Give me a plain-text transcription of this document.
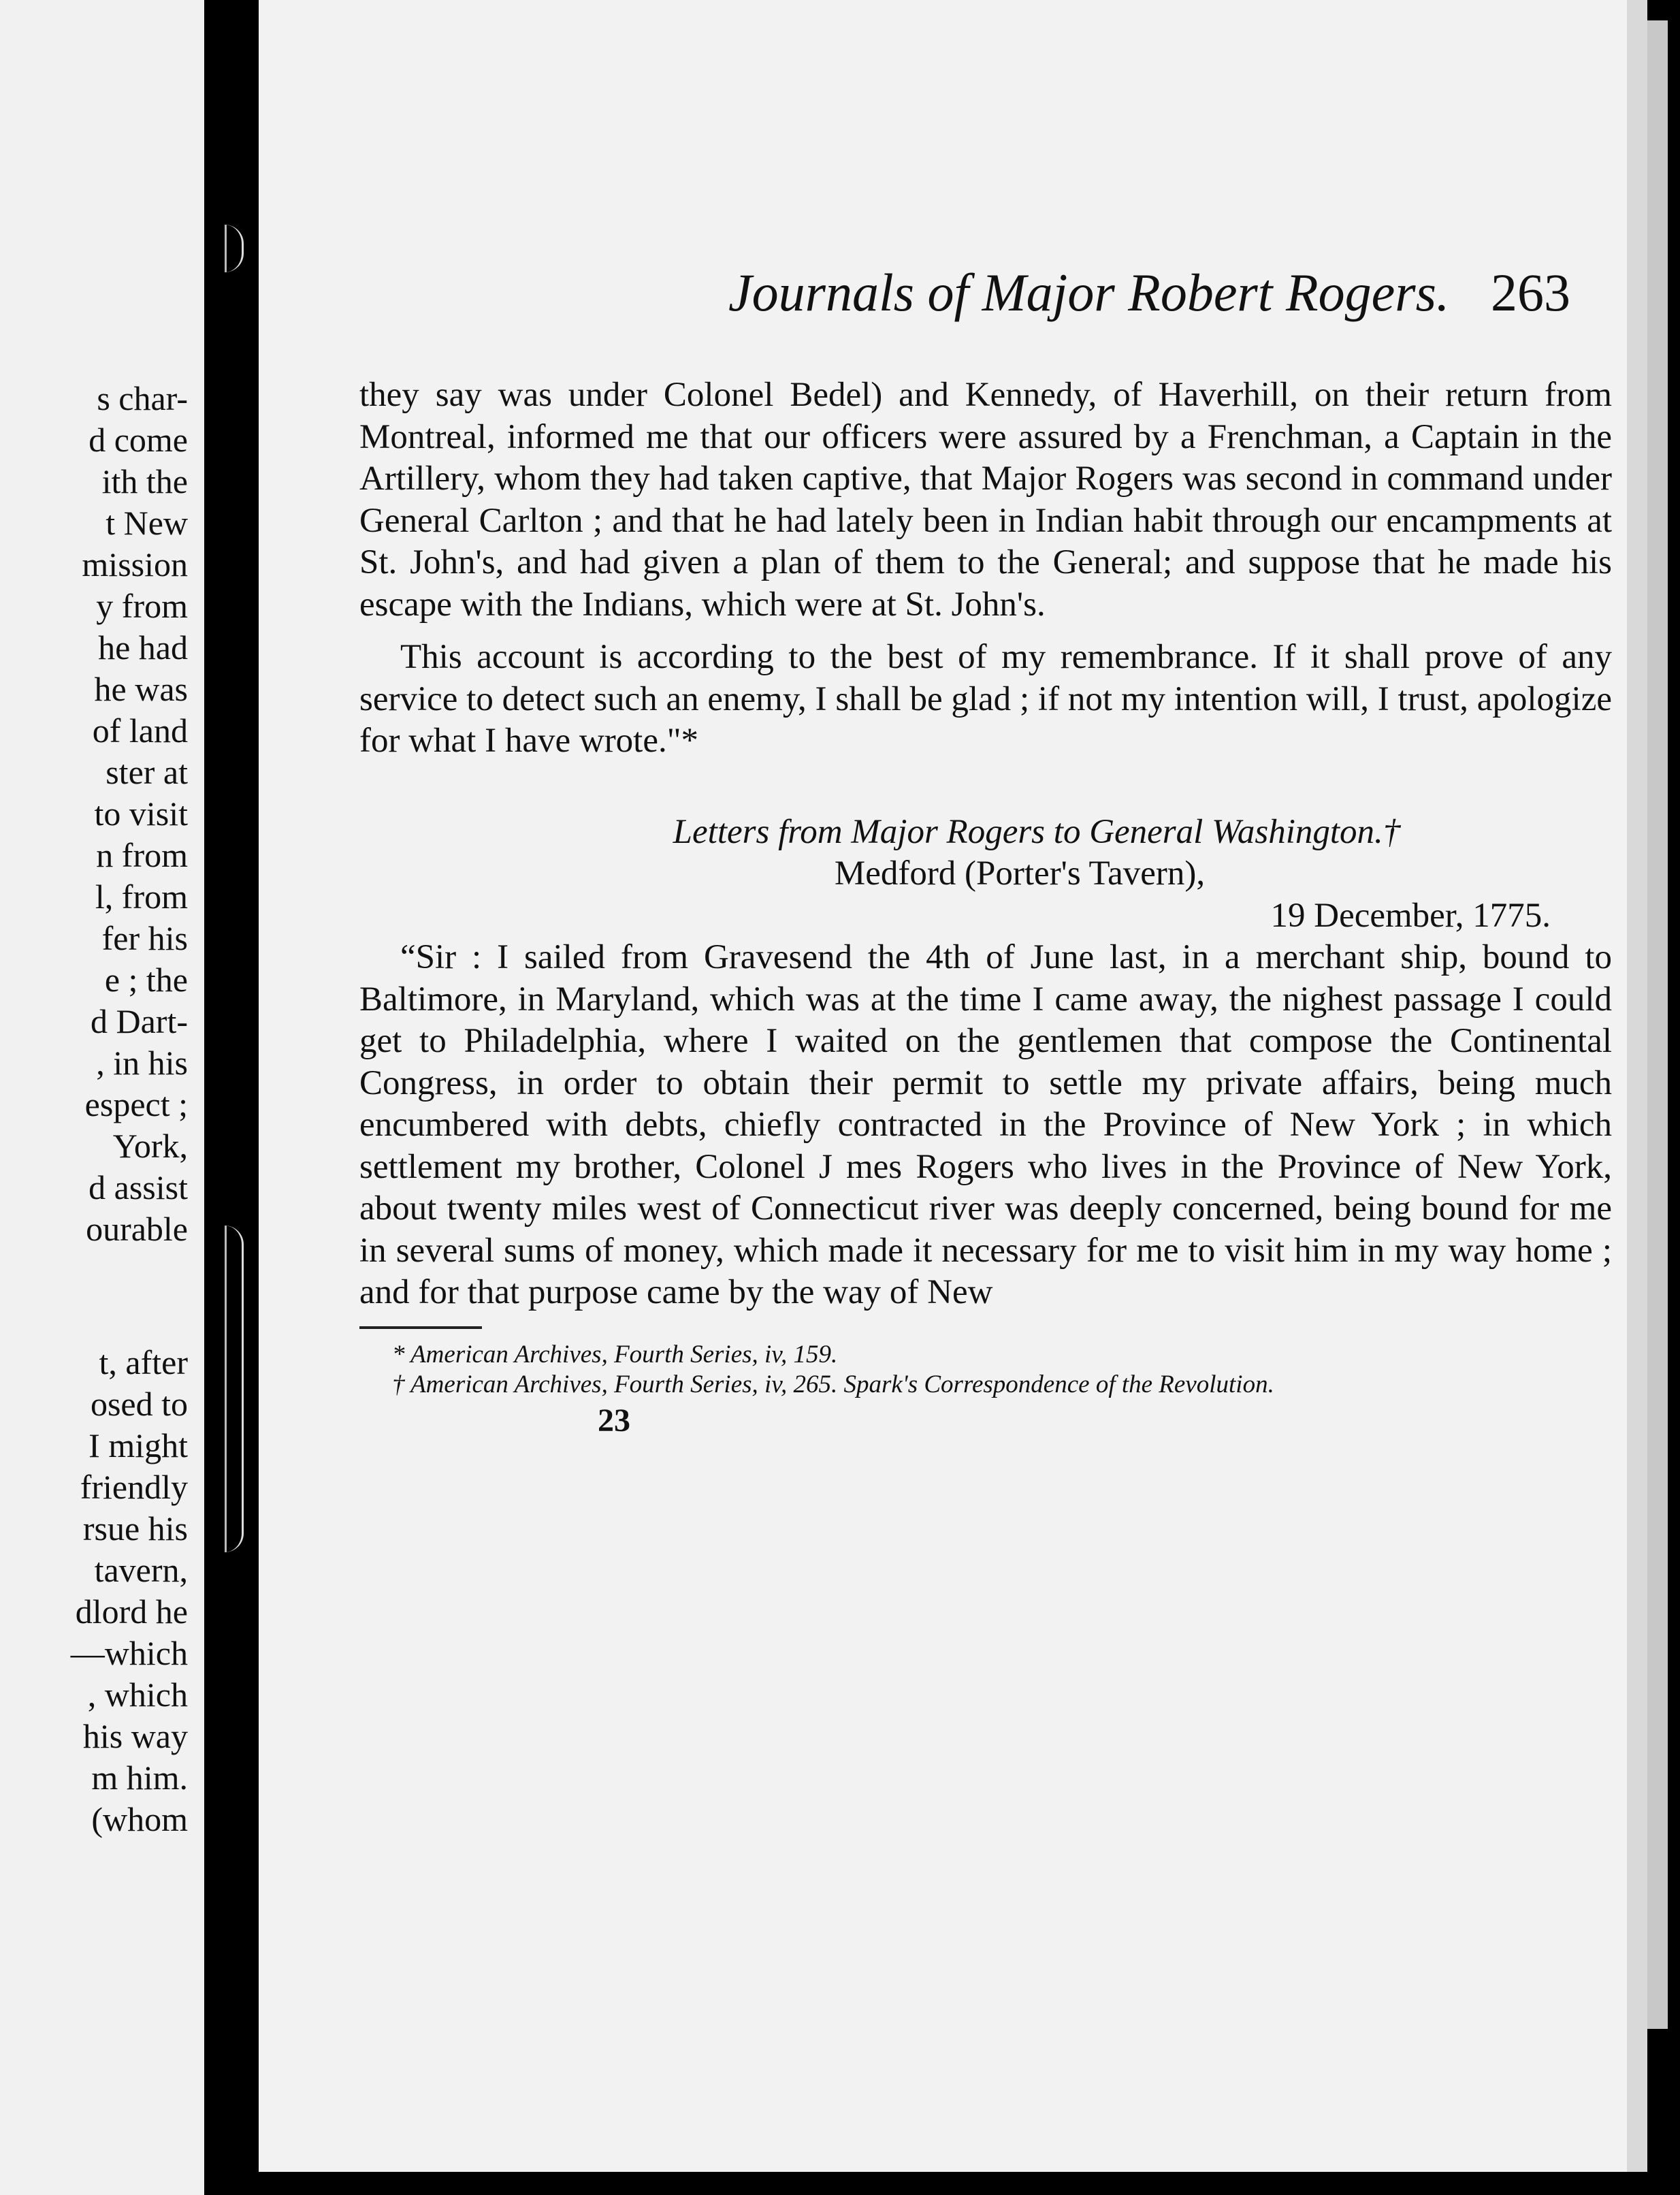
s char-
d come
ith the
t New
mission
y from
he had
he was
of land
ster at
to visit
n from
l, from
fer his
e ; the
d Dart-
, in his
espect ;
York,
d assist
ourable
t, after
osed to
I might
friendly
rsue his
tavern,
dlord he
—which
, which
his way
m him.
(whom
Journals of Major Robert Rogers. 263

they say was under Colonel Bedel) and Kennedy, of Haverhill, on their return from Montreal, informed me that our officers were assured by a Frenchman, a Captain in the Artillery, whom they had taken captive, that Major Rogers was second in command under General Carlton ; and that he had lately been in Indian habit through our encampments at St. John's, and had given a plan of them to the General; and suppose that he made his escape with the Indians, which were at St. John's.

This account is according to the best of my remembrance. If it shall prove of any service to detect such an enemy, I shall be glad ; if not my intention will, I trust, apologize for what I have wrote."*

Letters from Major Rogers to General Washington.†

Medford (Porter's Tavern),

19 December, 1775.

“Sir : I sailed from Gravesend the 4th of June last, in a merchant ship, bound to Baltimore, in Maryland, which was at the time I came away, the nighest passage I could get to Philadelphia, where I waited on the gentlemen that compose the Continental Congress, in order to obtain their permit to settle my private affairs, being much encumbered with debts, chiefly contracted in the Province of New York ; in which settlement my brother, Colonel J mes Rogers who lives in the Province of New York, about twenty miles west of Connecticut river was deeply concerned, being bound for me in several sums of money, which made it necessary for me to visit him in my way home ; and for that purpose came by the way of New

* American Archives, Fourth Series, iv, 159.

† American Archives, Fourth Series, iv, 265. Spark's Correspondence of the Revolution.

23
